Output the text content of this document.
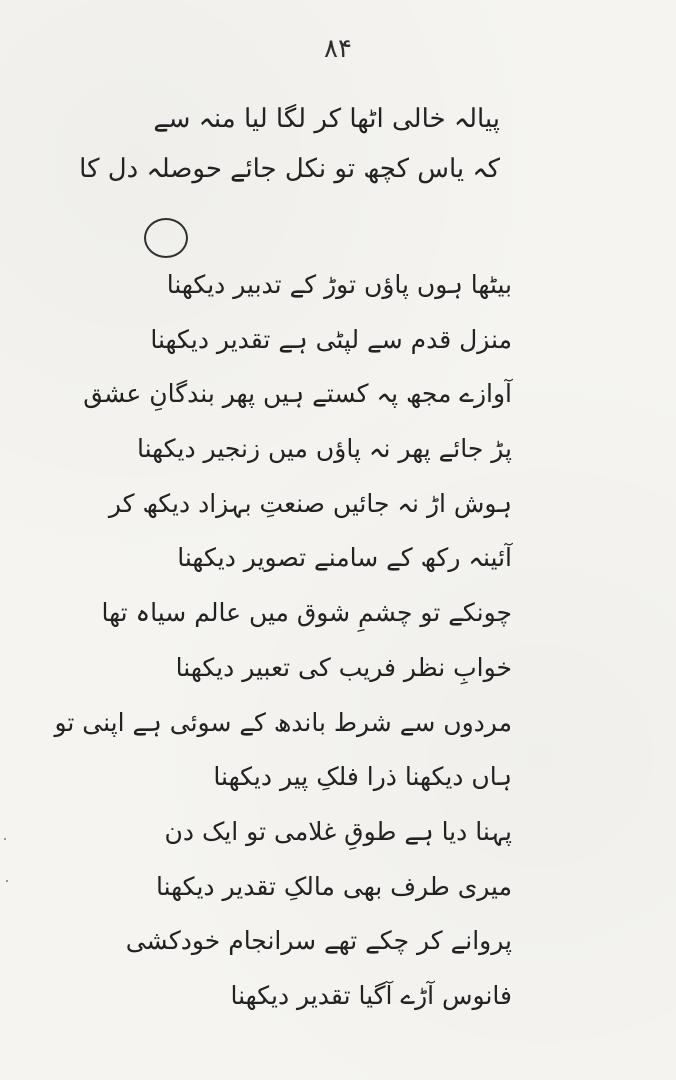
۸۴
پیالہ خالی اٹھا کر لگا لیا منہ سے
کہ یاس کچھ تو نکل جائے حوصلہ دل کا
بیٹھا ہوں پاؤں توڑ کے تدبیر دیکھنا
منزل قدم سے لپٹی ہے تقدیر دیکھنا
آوازے مجھ پہ کستے ہیں پھر بندگانِ عشق
پڑ جائے پھر نہ پاؤں میں زنجیر دیکھنا
ہوش اڑ نہ جائیں صنعتِ بہزاد دیکھ کر
آئینہ رکھ کے سامنے تصویر دیکھنا
چونکے تو چشمِ شوق میں عالم سیاہ تھا
خوابِ نظر فریب کی تعبیر دیکھنا
مردوں سے شرط باندھ کے سوئی ہے اپنی تو
ہاں دیکھنا ذرا فلکِ پیر دیکھنا
پہنا دیا ہے طوقِ غلامی تو ایک دن
میری طرف بھی مالکِ تقدیر دیکھنا
پروانے کر چکے تھے سرانجام خودکشی
فانوس آڑے آگیا تقدیر دیکھنا
